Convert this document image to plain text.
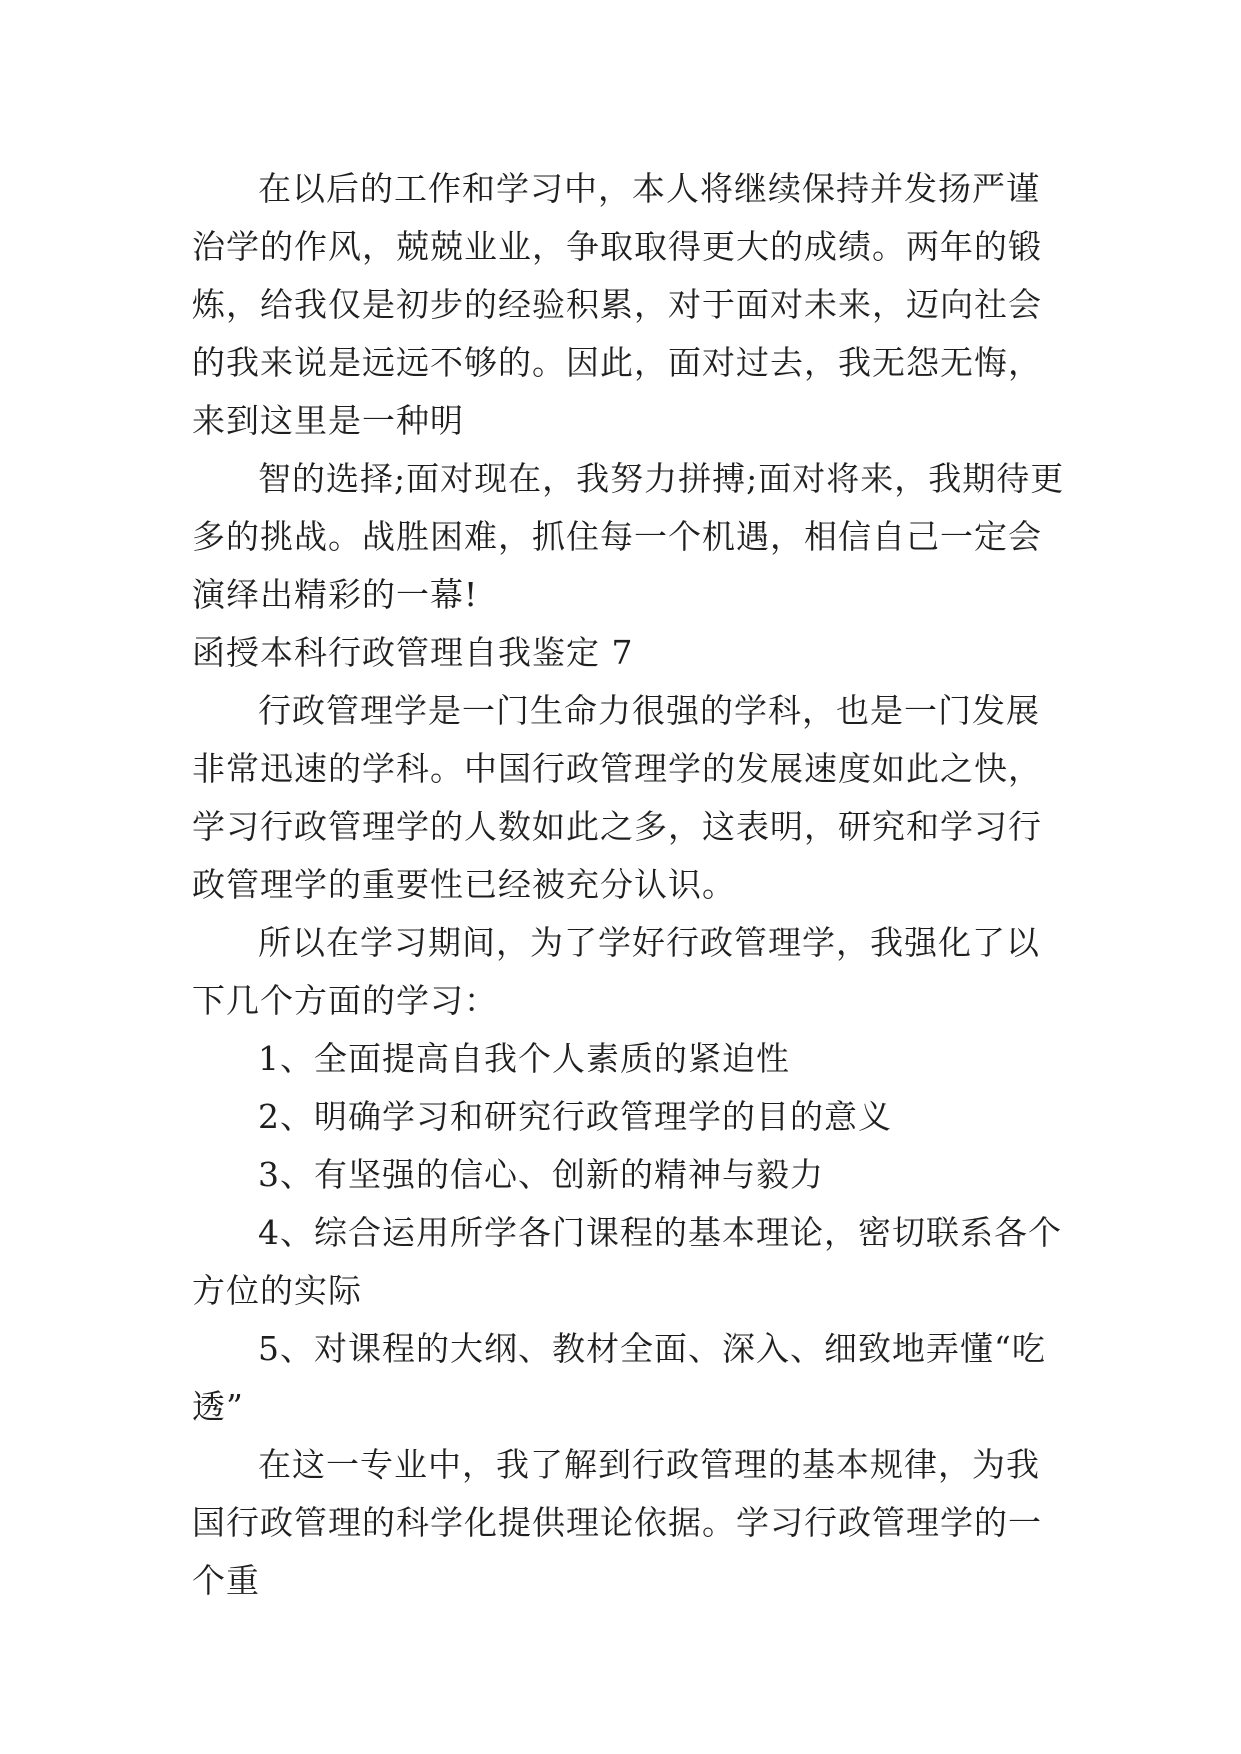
在以后的工作和学习中，本人将继续保持并发扬严谨治学的作风，兢兢业业，争取取得更大的成绩。两年的锻炼，给我仅是初步的经验积累，对于面对未来，迈向社会的我来说是远远不够的。因此，面对过去，我无怨无悔，来到这里是一种明

智的选择;面对现在，我努力拼搏;面对将来，我期待更多的挑战。战胜困难，抓住每一个机遇，相信自己一定会演绎出精彩的一幕!

函授本科行政管理自我鉴定 7

行政管理学是一门生命力很强的学科，也是一门发展非常迅速的学科。中国行政管理学的发展速度如此之快，学习行政管理学的人数如此之多，这表明，研究和学习行政管理学的重要性已经被充分认识。

所以在学习期间，为了学好行政管理学，我强化了以下几个方面的学习：

1、全面提高自我个人素质的紧迫性

2、明确学习和研究行政管理学的目的意义

3、有坚强的信心、创新的精神与毅力

4、综合运用所学各门课程的基本理论，密切联系各个方位的实际

5、对课程的大纲、教材全面、深入、细致地弄懂“吃透”

在这一专业中，我了解到行政管理的基本规律，为我国行政管理的科学化提供理论依据。学习行政管理学的一个重
